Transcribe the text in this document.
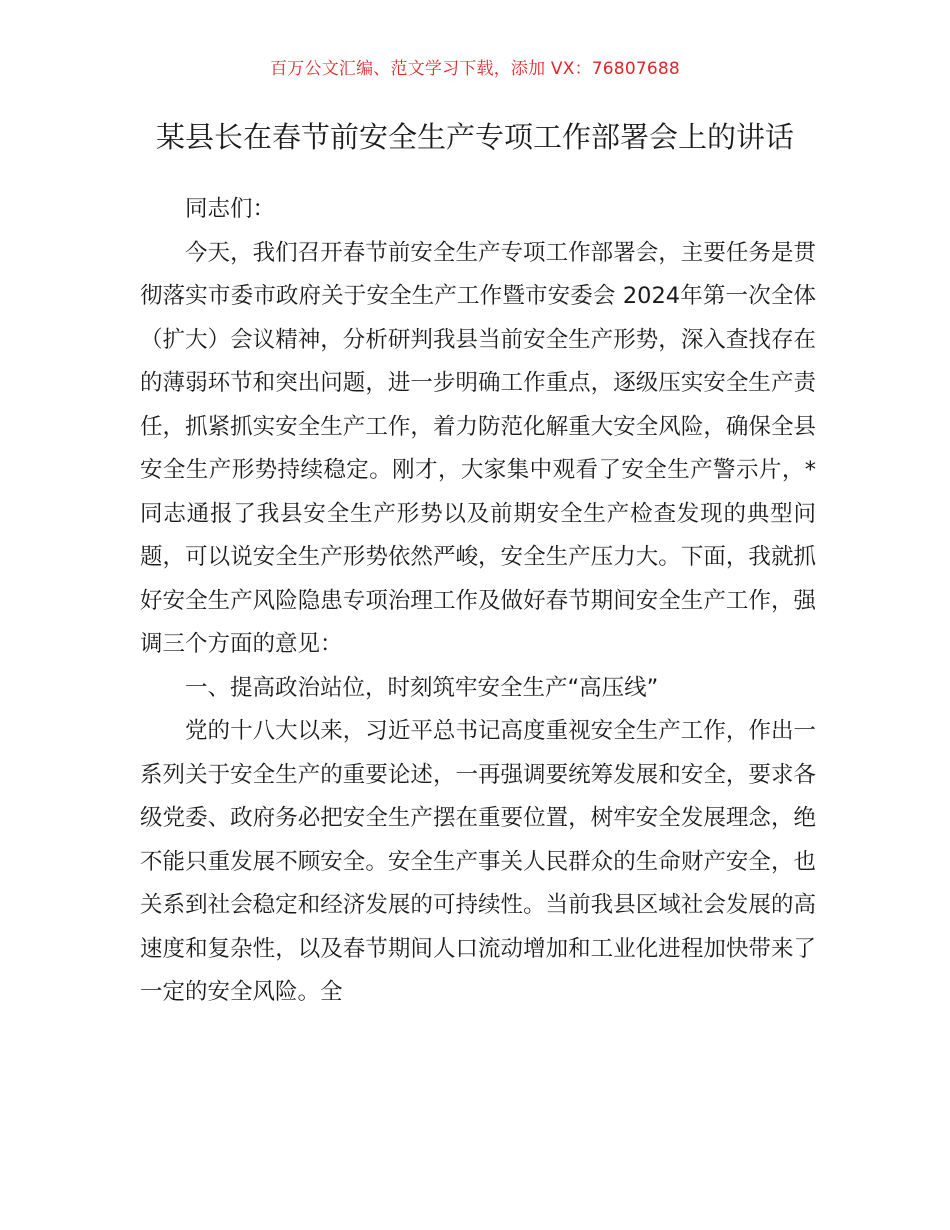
百万公文汇编、范文学习下载，添加 VX：76807688
某县长在春节前安全生产专项工作部署会上的讲话

同志们：

今天，我们召开春节前安全生产专项工作部署会，主要任务是贯彻落实市委市政府关于安全生产工作暨市安委会 2024年第一次全体（扩大）会议精神，分析研判我县当前安全生产形势，深入查找存在的薄弱环节和突出问题，进一步明确工作重点，逐级压实安全生产责任，抓紧抓实安全生产工作，着力防范化解重大安全风险，确保全县安全生产形势持续稳定。刚才，大家集中观看了安全生产警示片，*同志通报了我县安全生产形势以及前期安全生产检查发现的典型问题，可以说安全生产形势依然严峻，安全生产压力大。下面，我就抓好安全生产风险隐患专项治理工作及做好春节期间安全生产工作，强调三个方面的意见：

一、提高政治站位，时刻筑牢安全生产“高压线”

党的十八大以来，习近平总书记高度重视安全生产工作，作出一系列关于安全生产的重要论述，一再强调要统筹发展和安全，要求各级党委、政府务必把安全生产摆在重要位置，树牢安全发展理念，绝不能只重发展不顾安全。安全生产事关人民群众的生命财产安全，也关系到社会稳定和经济发展的可持续性。当前我县区域社会发展的高速度和复杂性，以及春节期间人口流动增加和工业化进程加快带来了一定的安全风险。全
